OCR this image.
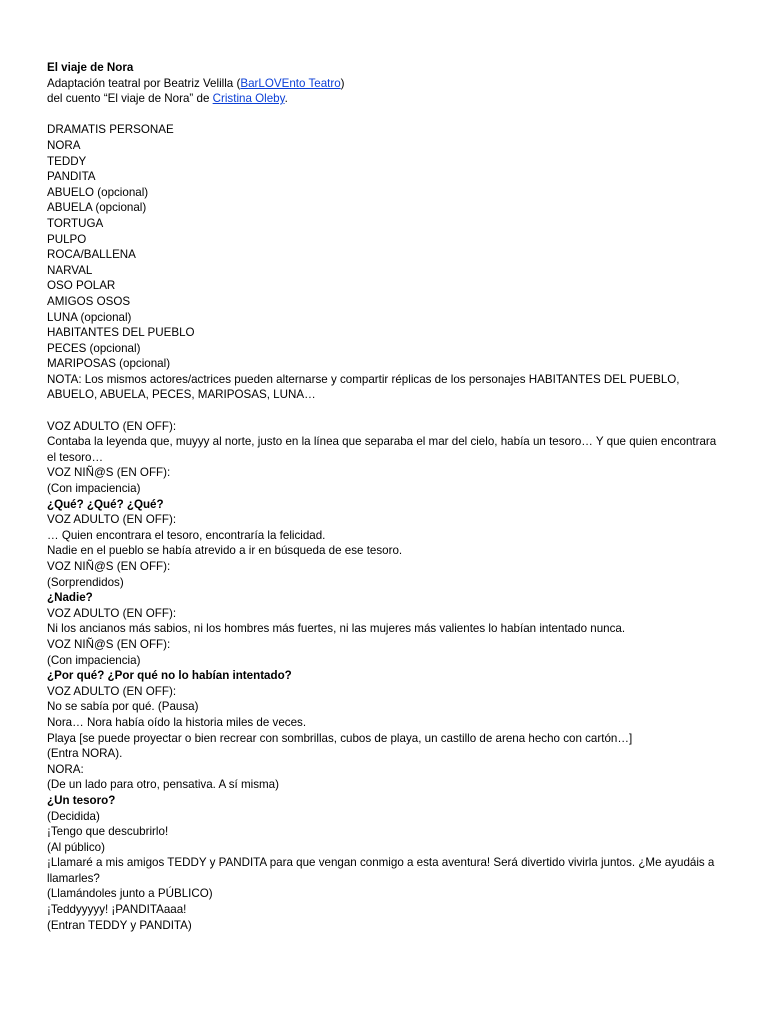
El viaje de Nora
Adaptación teatral por Beatriz Velilla (BarLOVEnto Teatro)
del cuento “El viaje de Nora” de Cristina Oleby.
DRAMATIS PERSONAE
NORA
TEDDY
PANDITA
ABUELO (opcional)
ABUELA (opcional)
TORTUGA
PULPO
ROCA/BALLENA
NARVAL
OSO POLAR
AMIGOS OSOS
LUNA (opcional)
HABITANTES DEL PUEBLO
PECES (opcional)
MARIPOSAS (opcional)
NOTA: Los mismos actores/actrices pueden alternarse y compartir réplicas de los personajes HABITANTES DEL PUEBLO, ABUELO, ABUELA, PECES, MARIPOSAS, LUNA…
VOZ ADULTO (EN OFF):
Contaba la leyenda que, muyyy al norte, justo en la línea que separaba el mar del cielo, había un tesoro… Y que quien encontrara el tesoro…
VOZ NIÑ@S (EN OFF):
(Con impaciencia)
¿Qué? ¿Qué? ¿Qué?
VOZ ADULTO (EN OFF):
… Quien encontrara el tesoro, encontraría la felicidad.
Nadie en el pueblo se había atrevido a ir en búsqueda de ese tesoro.
VOZ NIÑ@S (EN OFF):
(Sorprendidos)
¿Nadie?
VOZ ADULTO (EN OFF):
Ni los ancianos más sabios, ni los hombres más fuertes, ni las mujeres más valientes lo habían intentado nunca.
VOZ NIÑ@S (EN OFF):
(Con impaciencia)
¿Por qué? ¿Por qué no lo habían intentado?
VOZ ADULTO (EN OFF):
No se sabía por qué. (Pausa)
Nora… Nora había oído la historia miles de veces.
Playa [se puede proyectar o bien recrear con sombrillas, cubos de playa, un castillo de arena hecho con cartón…]
(Entra NORA).
NORA:
(De un lado para otro, pensativa. A sí misma)
¿Un tesoro?
(Decidida)
¡Tengo que descubrirlo!
(Al público)
¡Llamaré a mis amigos TEDDY y PANDITA para que vengan conmigo a esta aventura! Será divertido vivirla juntos. ¿Me ayudáis a llamarles?
(Llamándoles junto a PÚBLICO)
¡Teddyyyyy! ¡PANDITAaaa!
(Entran TEDDY y PANDITA)
